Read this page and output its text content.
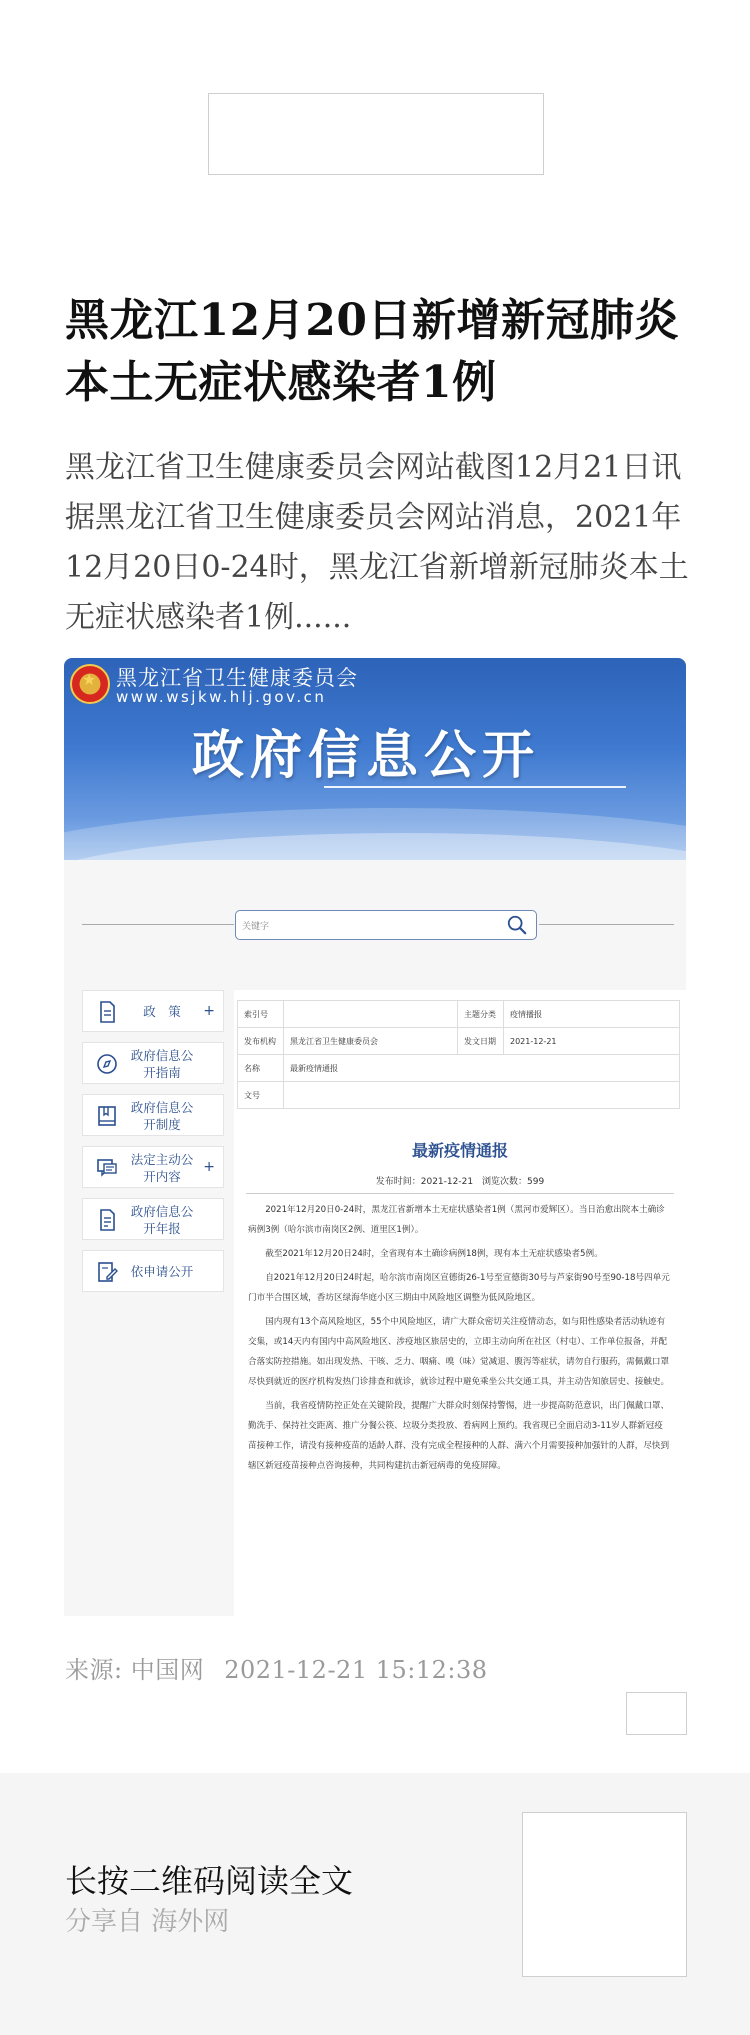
黑龙江12月20日新增新冠肺炎本土无症状感染者1例

黑龙江省卫生健康委员会网站截图12月21日讯　　据黑龙江省卫生健康委员会网站消息，2021年12月20日0-24时，黑龙江省新增新冠肺炎本土无症状感染者1例......

★
黑龙江省卫生健康委员会
www.wsjkw.hlj.gov.cn
政府信息公开
关键字
政　策	+
政府信息公开指南
政府信息公开制度
法定主动公开内容
+
政府信息公开年报
依申请公开
索引号		主题分类	疫情播报
发布机构	黑龙江省卫生健康委员会	发文日期	2021-12-21
名称	最新疫情通报		
文号			
最新疫情通报
发布时间：2021-12-21　浏览次数：599

2021年12月20日0-24时，黑龙江省新增本土无症状感染者1例（黑河市爱辉区）。当日治愈出院本土确诊病例3例（哈尔滨市南岗区2例、道里区1例）。

截至2021年12月20日24时，全省现有本土确诊病例18例，现有本土无症状感染者5例。

自2021年12月20日24时起，哈尔滨市南岗区宣德街26-1号至宣德街30号与芦家街90号至90-18号四单元门市半合围区域，香坊区绿海华庭小区三期由中风险地区调整为低风险地区。

国内现有13个高风险地区，55个中风险地区，请广大群众密切关注疫情动态，如与阳性感染者活动轨迹有交集，或14天内有国内中高风险地区、涉疫地区旅居史的，立即主动向所在社区（村屯）、工作单位报备，并配合落实防控措施。如出现发热、干咳、乏力、咽痛、嗅（味）觉减退、腹泻等症状，请勿自行服药，需佩戴口罩尽快到就近的医疗机构发热门诊排查和就诊，就诊过程中避免乘坐公共交通工具，并主动告知旅居史、接触史。

当前，我省疫情防控正处在关键阶段，提醒广大群众时刻保持警惕，进一步提高防范意识，出门佩戴口罩、勤洗手、保持社交距离、推广分餐公筷、垃圾分类投放、看病网上预约。我省现已全面启动3-11岁人群新冠疫苗接种工作，请没有接种疫苗的适龄人群、没有完成全程接种的人群、满六个月需要接种加强针的人群，尽快到辖区新冠疫苗接种点咨询接种，共同构建抗击新冠病毒的免疫屏障。

来源: 中国网 2021-12-21 15:12:38
长按二维码阅读全文
分享自 海外网
